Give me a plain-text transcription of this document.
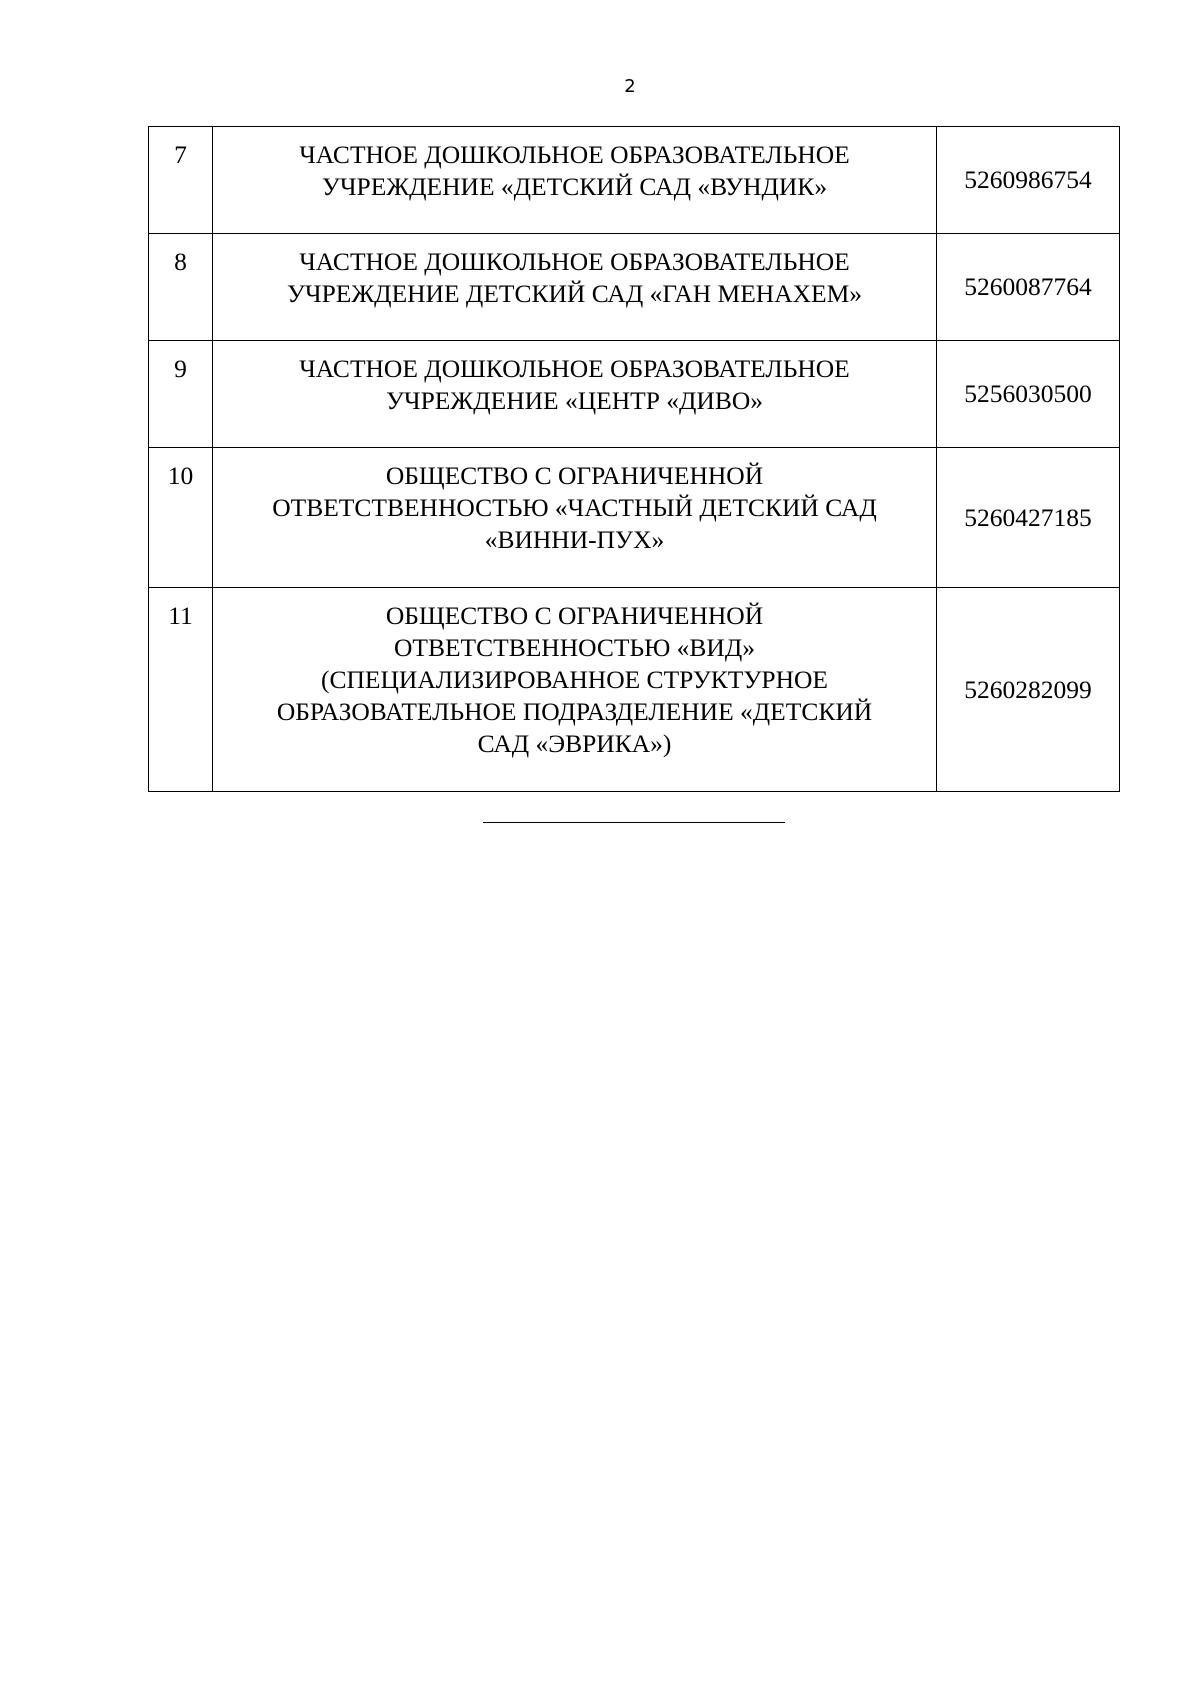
2
7	ЧАСТНОЕ ДОШКОЛЬНОЕ ОБРАЗОВАТЕЛЬНОЕ
УЧРЕЖДЕНИЕ «ДЕТСКИЙ САД «ВУНДИК»	5260986754
8	ЧАСТНОЕ ДОШКОЛЬНОЕ ОБРАЗОВАТЕЛЬНОЕ
УЧРЕЖДЕНИЕ ДЕТСКИЙ САД «ГАН МЕНАХЕМ»	5260087764
9	ЧАСТНОЕ ДОШКОЛЬНОЕ ОБРАЗОВАТЕЛЬНОЕ
УЧРЕЖДЕНИЕ «ЦЕНТР «ДИВО»	5256030500
10	ОБЩЕСТВО С ОГРАНИЧЕННОЙ
ОТВЕТСТВЕННОСТЬЮ «ЧАСТНЫЙ ДЕТСКИЙ САД
«ВИННИ-ПУХ»	5260427185
11	ОБЩЕСТВО С ОГРАНИЧЕННОЙ
ОТВЕТСТВЕННОСТЬЮ «ВИД»
(СПЕЦИАЛИЗИРОВАННОЕ СТРУКТУРНОЕ
ОБРАЗОВАТЕЛЬНОЕ ПОДРАЗДЕЛЕНИЕ «ДЕТСКИЙ
САД «ЭВРИКА»)	5260282099
